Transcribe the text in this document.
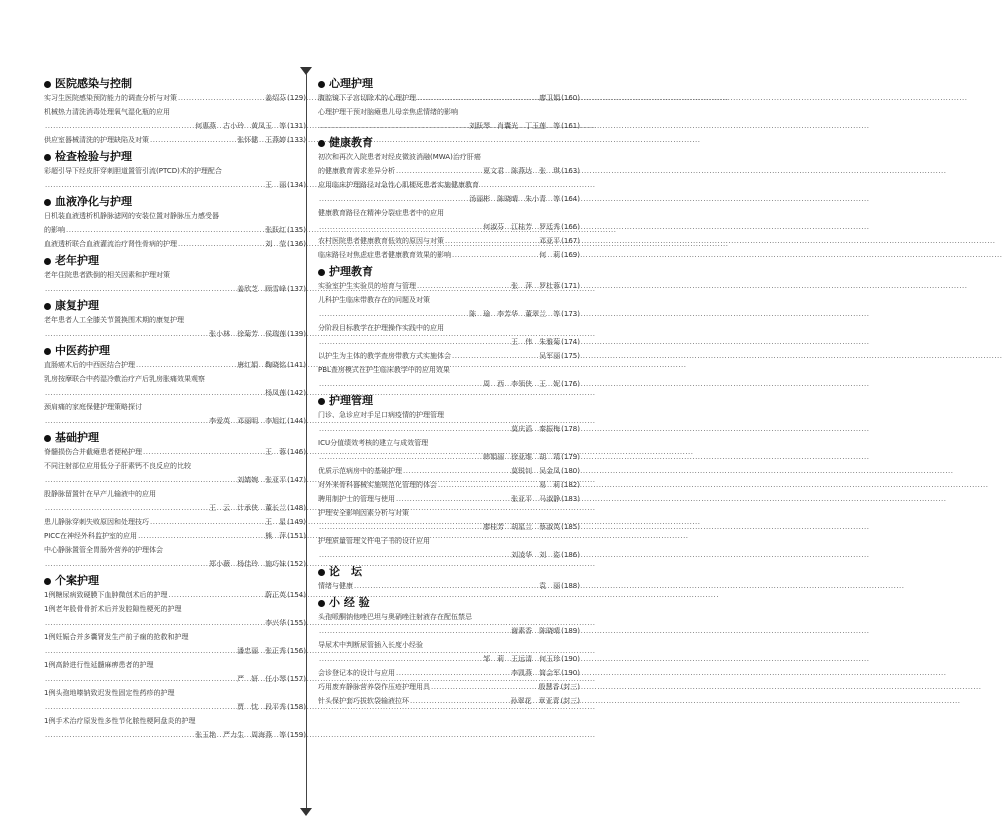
医院感染与控制
实习生医院感染预防能力的调查分析与对策 .....	姜绍芬 (129)
机械热力清洗消毒处理氧气湿化瓶的应用
.....
何惠燕　古小玲　黄凤玉　等 (131)
供应室器械清洗的护理缺陷及对策 .....	张怀健　王燕婷 (133)
检查检验与护理
彩超引导下经皮肝穿刺胆道置管引流(PTCD)术的护理配合
.....
王　丽 (134)
血液净化与护理
日机装血液透析机静脉滤网的安装位置对静脉压力感受器
的影响 .....	张跃红 (135)
血液透析联合血液灌流治疗肾性骨病的护理 .....	刘　莹 (136)
老年护理
老年住院患者跌倒的相关因素和护理对策
.....
姜欣芝　顾雪峰 (137)
康复护理
老年患者人工全膝关节置换围术期的康复护理
.....
张小林　徐菊芳　侯瑞莲 (139)
中医药护理
直肠癌术后的中西医结合护理 .....	唐红娟　鞠晓铭 (141)
乳房按摩联合中药湿冷敷治疗产后乳房胀痛效果观察
.....
杨凤莲 (142)
颈肩痛的家庭保健护理策略探讨
.....
李爱英　邓丽明　李旭红 (144)
基础护理
脊髓损伤合并截瘫患者便秘护理 .....	王　蓉 (146)
不同注射部位应用低分子肝素钙不良反应的比较
.....
刘婧婉　张亚平 (147)
股静脉留置针在早产儿输液中的应用
.....
王　云　计承侠　董长兰 (148)
患儿静脉穿刺失败原因和处理技巧 .....	王　星 (149)
PICC在神经外科监护室的应用 .....	熊　萍 (151)
中心静脉置管全胃肠外营养的护理体会
.....
郑小薇　杨佳玲　施巧妹 (152)
个案护理
1例糖尿病致硬膜下血肿微创术后的护理 .....	蔚正英 (154)
1例老年股骨骨折术后并发腔隙性梗死的护理
.....
李兴华 (155)
1例妊娠合并多囊肾发生产前子痫的抢救和护理
.....
潘忠丽　张正秀 (156)
1例高龄进行性延髓麻痹患者的护理
.....
严　妍　任小琴 (157)
1例头孢地嗪钠致迟发性固定性药疹的护理
.....
贾　忱　段平秀 (158)
1例手术治疗原发性多性节化脓性梗阿盘炎的护理
.....
张玉艳　严力生　周海燕　等 (159)
心理护理
腹腔镜下子宫切除术的心理护理 .....	廖卫娟 (160)
心理护理干预对脑瘫患儿母亲焦虑情绪的影响
.....
刘跃琴　肖囊光　丁玉莲　等 (161)
健康教育
初次和再次入院患者对经皮微波消融(MWA)治疗肝癌
的健康教育需求差异分析 .....	夏文君　陈燕达　张　琪 (163)
应用临床护理路径对急性心肌梗死患者实施健康教育
.....
汤丽彬　陈晓晴　朱小青　等 (164)
健康教育路径在精神分裂症患者中的应用
.....
何淑芬　江桂芳　罗廷秀 (166)
农村医院患者健康教育低效的原因与对策 .....	邓亚平 (167)
临床路径对焦虑症患者健康教育效果的影响 .....	何　莉 (169)
护理教育
实验室护生实验员的培育与管理 .....	张　萍　罗杜蓉 (171)
儿科护生临床带教存在的问题及对策
.....
陈　瑜　李芳华　董翠兰　等 (173)
分阶段目标教学在护理操作实践中的应用
.....
王　伟　朱雅菊 (174)
以护生为主体的教学查房带教方式实施体会 .....	吴军丽 (175)
PBL查房模式在护生临床教学中的应用效果
.....
周　西　李领侠　王　妮 (176)
护理管理
门诊、急诊应对手足口病疫情的护理管理
.....
莫庆滔　秦振梅 (178)
ICU分值绩效考核的建立与成效管理
.....
韩娟丽　徐亚维　胡　靖 (179)
优质示范病房中的基础护理 .....	莫锐钊　吴金凤 (180)
对外来骨科器械实施规范化管理的体会 .....	易　莉 (182)
聘用制护士的管理与使用 .....	张亚平　马淑静 (183)
护理安全影响因素分析与对策
.....
廖桂芳　胡星兰　蔡淑英 (185)
护理质量管理文件电子书的设计应用
.....
刘凌华　刘　姿 (186)
论　坛
情绪与健康 .....	袁　丽 (188)
小 经 验
头孢哌酮钠他唑巴坦与奥硝唑注射液存在配伍禁忌
.....
谢素香　陈晓晴 (189)
导尿术中判断尿管插入长度小经验
.....
邹　莉　王远清　何玉珍 (190)
会诊登记本的设计与应用 .....	李凯燕　简会军 (190)
巧用废弃静脉营养袋作压疮护理用具 .....	殷慧香 (封三)
针头保护套巧拔软袋输液拉环 .....	孙翠花　章亚青 (封三)
